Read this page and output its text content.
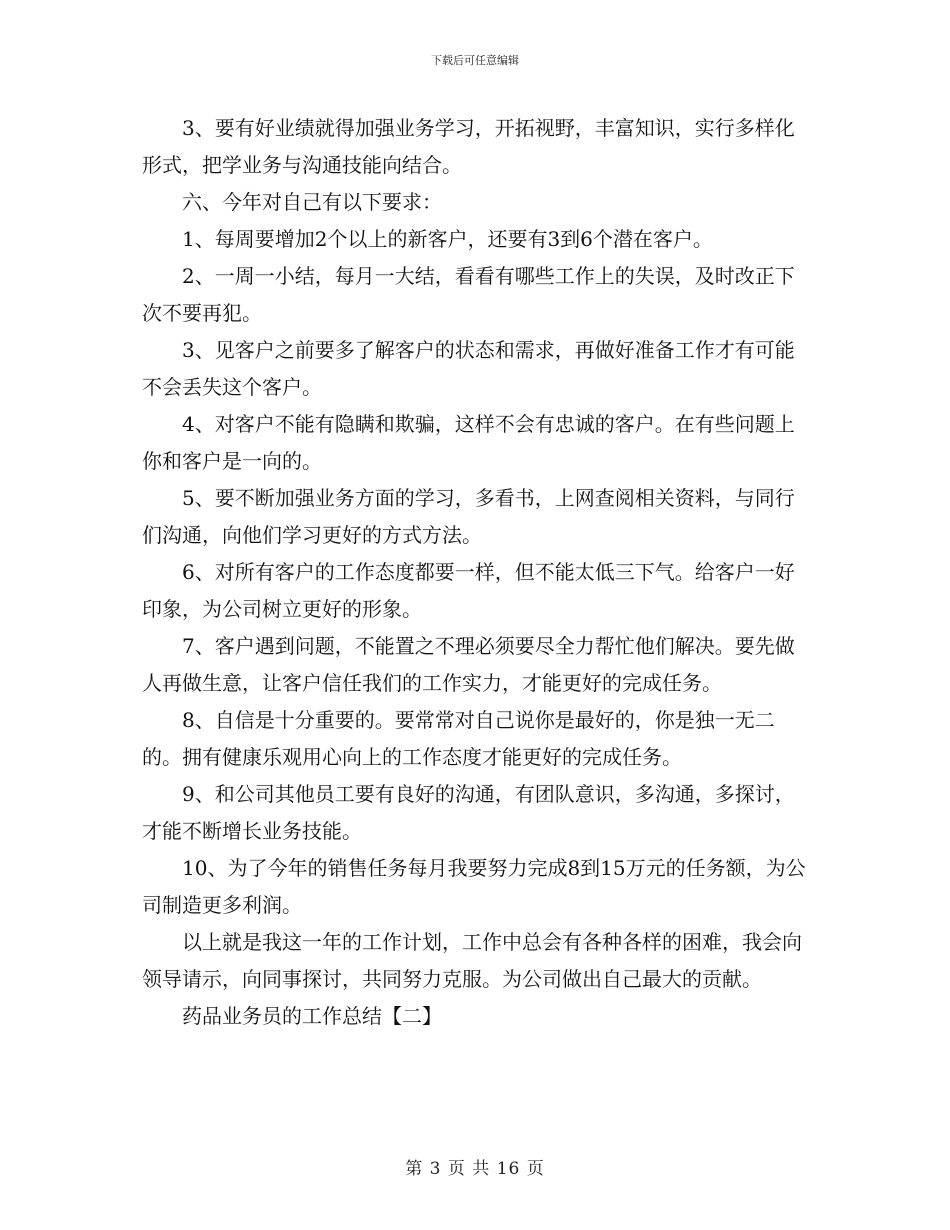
下载后可任意编辑

3、要有好业绩就得加强业务学习，开拓视野，丰富知识，实行多样化形式，把学业务与沟通技能向结合。

六、今年对自己有以下要求：

1、每周要增加2个以上的新客户，还要有3到6个潜在客户。

2、一周一小结，每月一大结，看看有哪些工作上的失误，及时改正下次不要再犯。

3、见客户之前要多了解客户的状态和需求，再做好准备工作才有可能不会丢失这个客户。

4、对客户不能有隐瞒和欺骗，这样不会有忠诚的客户。在有些问题上你和客户是一向的。

5、要不断加强业务方面的学习，多看书，上网查阅相关资料，与同行们沟通，向他们学习更好的方式方法。

6、对所有客户的工作态度都要一样，但不能太低三下气。给客户一好印象，为公司树立更好的形象。

7、客户遇到问题，不能置之不理必须要尽全力帮忙他们解决。要先做人再做生意，让客户信任我们的工作实力，才能更好的完成任务。

8、自信是十分重要的。要常常对自己说你是最好的，你是独一无二的。拥有健康乐观用心向上的工作态度才能更好的完成任务。

9、和公司其他员工要有良好的沟通，有团队意识，多沟通，多探讨，才能不断增长业务技能。

10、为了今年的销售任务每月我要努力完成8到15万元的任务额，为公司制造更多利润。

以上就是我这一年的工作计划，工作中总会有各种各样的困难，我会向领导请示，向同事探讨，共同努力克服。为公司做出自己最大的贡献。

药品业务员的工作总结【二】

第 3 页 共 16 页
